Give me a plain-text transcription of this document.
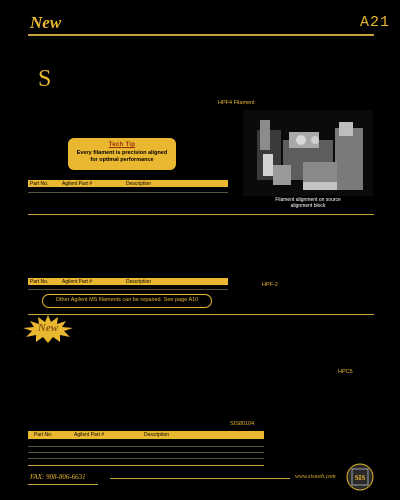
New	A21
S
HPF4 Filament
Tech Tip
Every filament is precision aligned
for optimal performance
Filament alignment on source
alignment block
Part No.	Agilent Part #	Description
Part No.	Agilent Part #	Description	HPF-2
Other Agilent MS filaments can be repaired. See page A10
New
HPC5
SIS80104
Part No.	Agilent Part #	Description
FAX: 908-806-6631	www.sisweb.com	SIS
